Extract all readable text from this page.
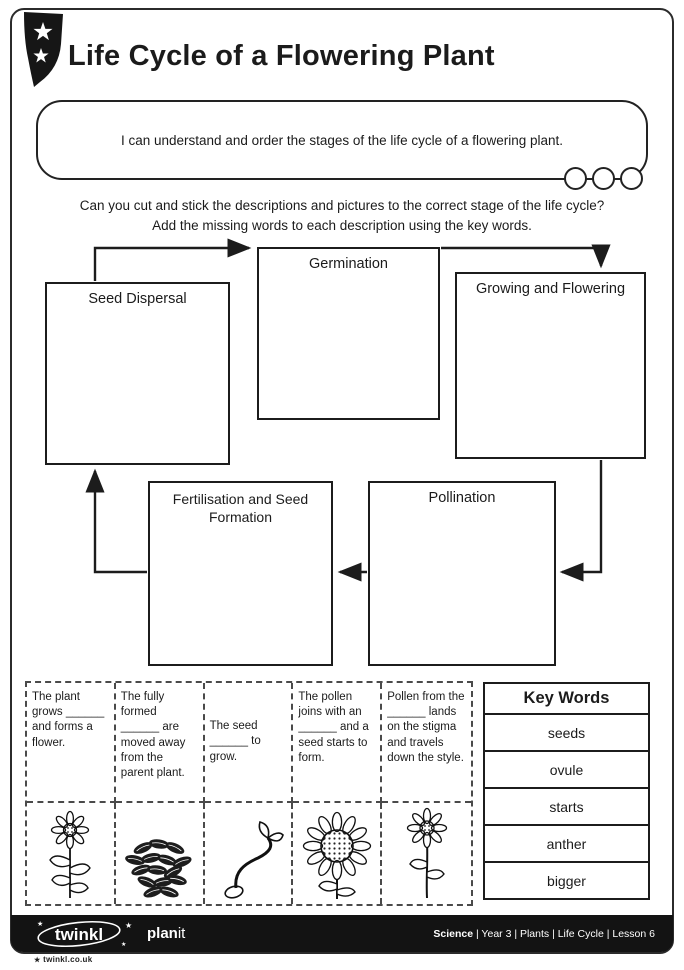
Life Cycle of a Flowering Plant
I can understand and order the stages of the life cycle of a flowering plant.
Can you cut and stick the descriptions and pictures to the correct stage of the life cycle?
Add the missing words to each description using the key words.
Germination
Seed Dispersal
Growing and Flowering
Fertilisation and Seed Formation
Pollination
The plant grows ______ and forms a flower.
The fully formed ______ are moved away from the parent plant.
The seed ______ to grow.
The pollen joins with an ______ and a seed starts to form.
Pollen from the ______ lands on the stigma and travels down the style.
Key Words
seeds
ovule
starts
anther
bigger
twinkl
★
★
★ planit	Science | Year 3 | Plants | Life Cycle | Lesson 6
★ twinkl.co.uk
